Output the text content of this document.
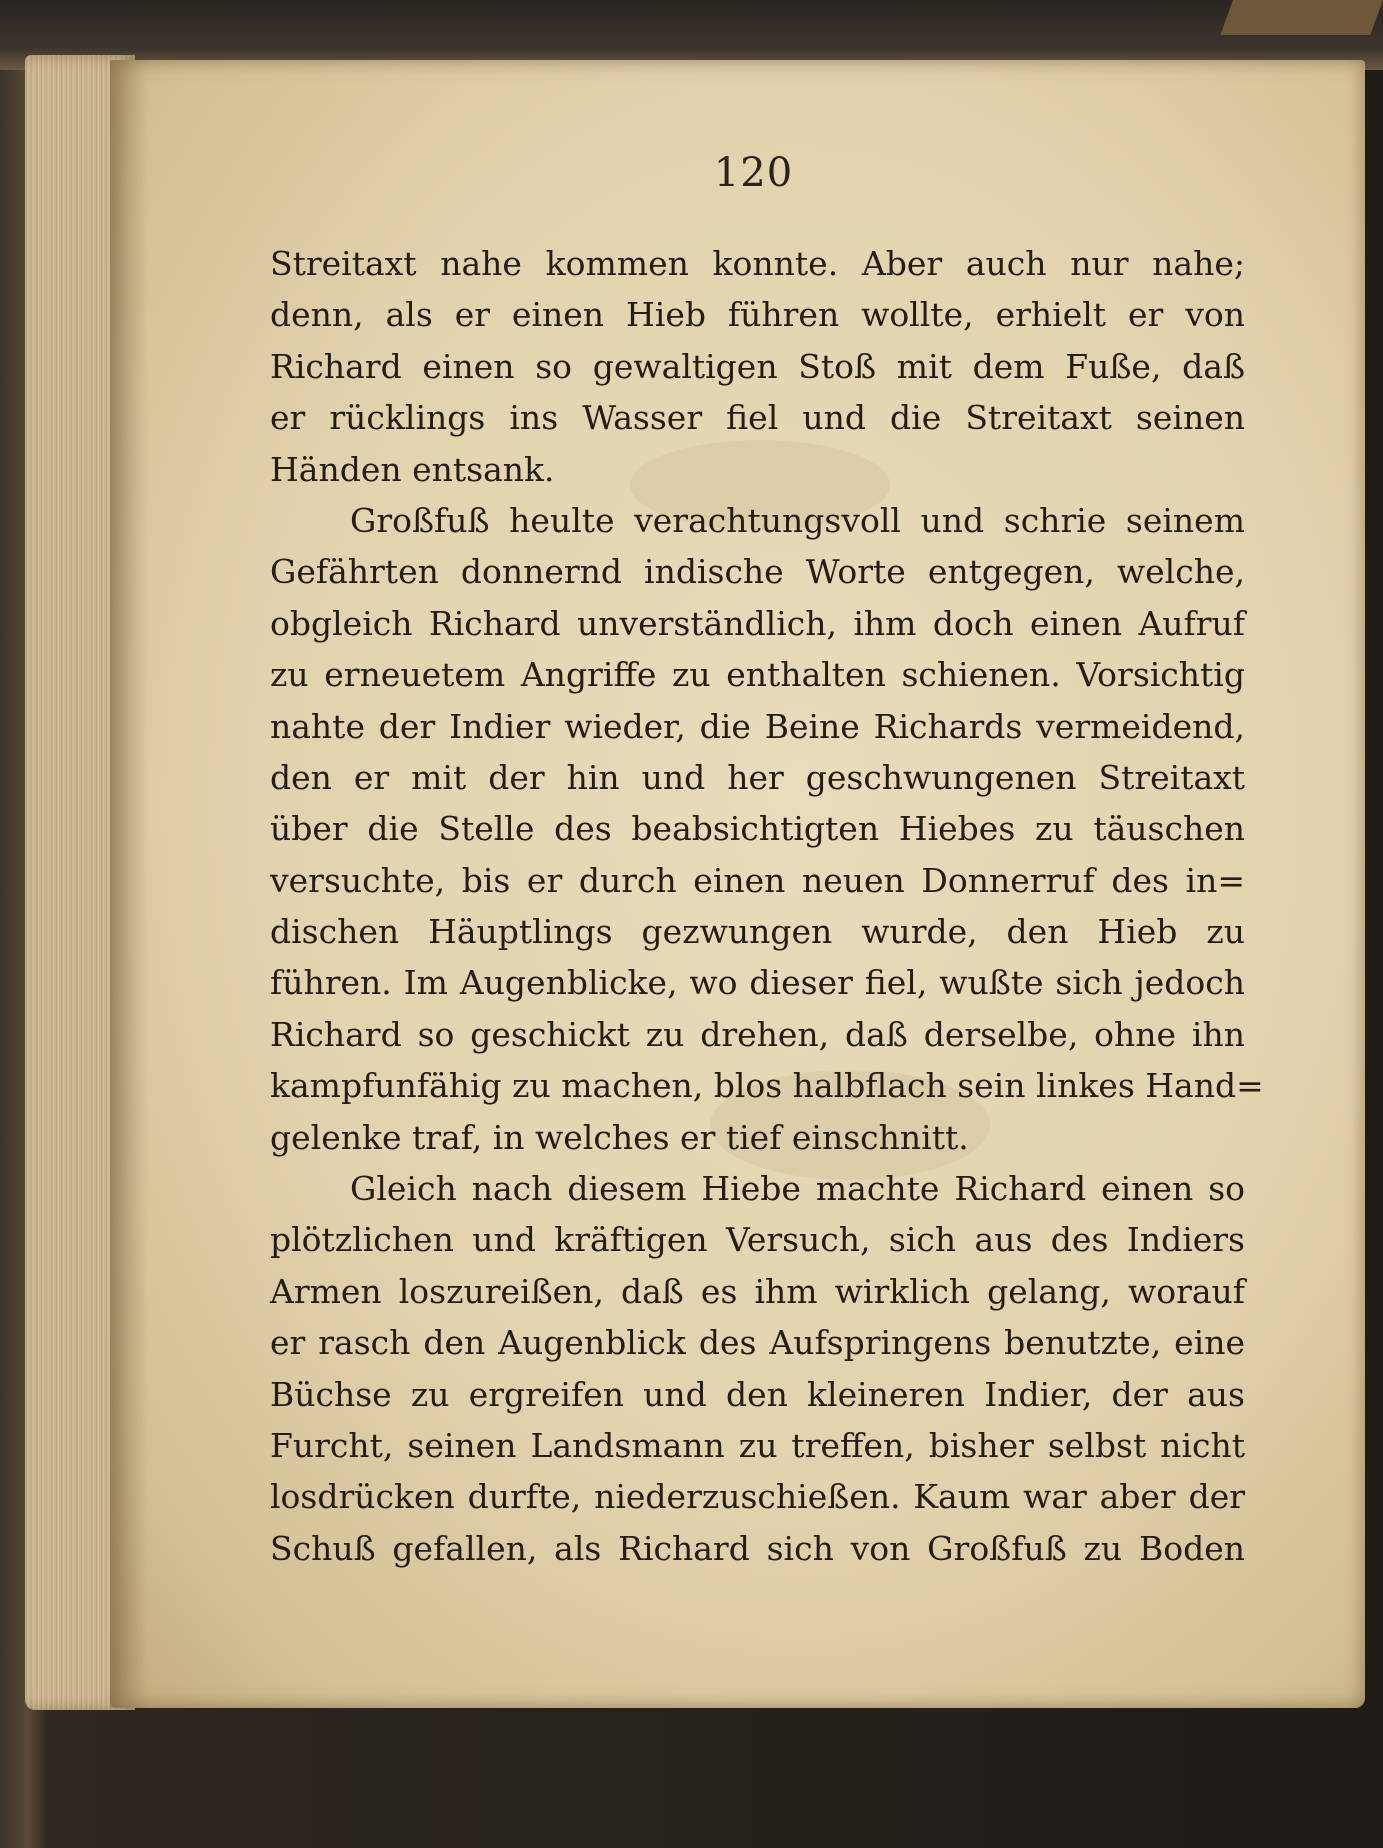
120
Streitaxt nahe kommen konnte. Aber auch nur nahe;
denn, als er einen Hieb führen wollte, erhielt er von
Richard einen so gewaltigen Stoß mit dem Fuße, daß
er rücklings ins Wasser fiel und die Streitaxt seinen
Händen entsank.
Großfuß heulte verachtungsvoll und schrie seinem
Gefährten donnernd indische Worte entgegen, welche,
obgleich Richard unverständlich, ihm doch einen Aufruf
zu erneuetem Angriffe zu enthalten schienen. Vorsichtig
nahte der Indier wieder, die Beine Richards vermeidend,
den er mit der hin und her geschwungenen Streitaxt
über die Stelle des beabsichtigten Hiebes zu täuschen
versuchte, bis er durch einen neuen Donnerruf des in=
dischen Häuptlings gezwungen wurde, den Hieb zu
führen. Im Augenblicke, wo dieser fiel, wußte sich jedoch
Richard so geschickt zu drehen, daß derselbe, ohne ihn
kampfunfähig zu machen, blos halbflach sein linkes Hand=
gelenke traf, in welches er tief einschnitt.
Gleich nach diesem Hiebe machte Richard einen so
plötzlichen und kräftigen Versuch, sich aus des Indiers
Armen loszureißen, daß es ihm wirklich gelang, worauf
er rasch den Augenblick des Aufspringens benutzte, eine
Büchse zu ergreifen und den kleineren Indier, der aus
Furcht, seinen Landsmann zu treffen, bisher selbst nicht
losdrücken durfte, niederzuschießen. Kaum war aber der
Schuß gefallen, als Richard sich von Großfuß zu Boden
